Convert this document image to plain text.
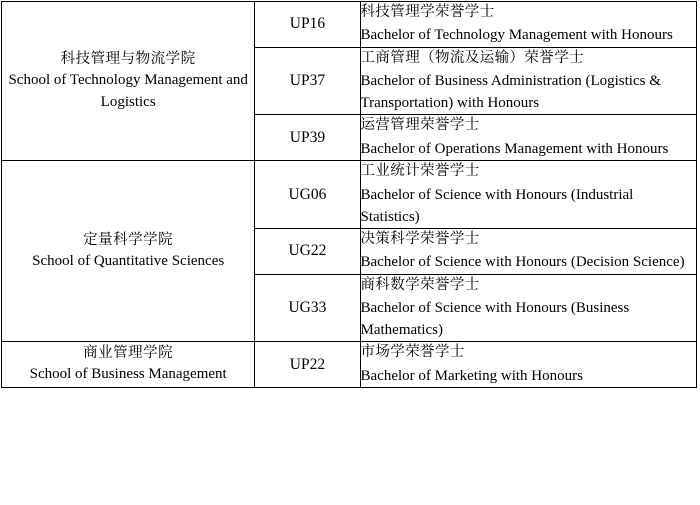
科技管理与物流学院
School of Technology Management and Logistics	UP16	科技管理学荣誉学士
Bachelor of Technology Management with Honours

	UP37	工商管理（物流及运输）荣誉学士
Bachelor of Business Administration (Logistics & Transportation) with Honours

	UP39	运营管理荣誉学士
Bachelor of Operations Management with Honours

定量科学学院
School of Quantitative Sciences	UG06	工业统计荣誉学士
Bachelor of Science with Honours (Industrial Statistics)

	UG22	决策科学荣誉学士
Bachelor of Science with Honours (Decision Science)

	UG33	商科数学荣誉学士
Bachelor of Science with Honours (Business Mathematics)

商业管理学院
School of Business Management	UP22	市场学荣誉学士
Bachelor of Marketing with Honours
